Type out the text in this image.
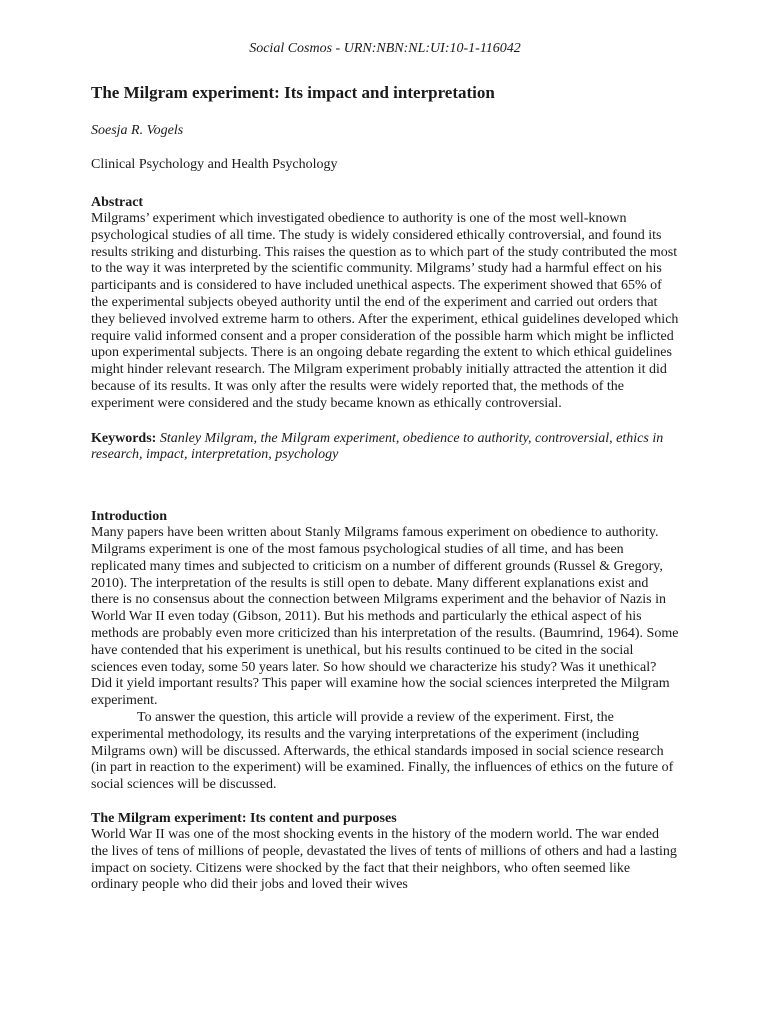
Social Cosmos - URN:NBN:NL:UI:10-1-116042
The Milgram experiment: Its impact and interpretation
Soesja R. Vogels
Clinical Psychology and Health Psychology
Abstract

Milgrams’ experiment which investigated obedience to authority is one of the most well-known psychological studies of all time. The study is widely considered ethically controversial, and found its results striking and disturbing. This raises the question as to which part of the study contributed the most to the way it was interpreted by the scientific community. Milgrams’ study had a harmful effect on his participants and is considered to have included unethical aspects. The experiment showed that 65% of the experimental subjects obeyed authority until the end of the experiment and carried out orders that they believed involved extreme harm to others. After the experiment, ethical guidelines developed which require valid informed consent and a proper consideration of the possible harm which might be inflicted upon experimental subjects. There is an ongoing debate regarding the extent to which ethical guidelines might hinder relevant research. The Milgram experiment probably initially attracted the attention it did because of its results. It was only after the results were widely reported that, the methods of the experiment were considered and the study became known as ethically controversial.

Keywords: Stanley Milgram, the Milgram experiment, obedience to authority, controversial, ethics in research, impact, interpretation, psychology

Introduction

Many papers have been written about Stanly Milgrams famous experiment on obedience to authority. Milgrams experiment is one of the most famous psychological studies of all time, and has been replicated many times and subjected to criticism on a number of different grounds (Russel & Gregory, 2010). The interpretation of the results is still open to debate. Many different explanations exist and there is no consensus about the connection between Milgrams experiment and the behavior of Nazis in World War II even today (Gibson, 2011). But his methods and particularly the ethical aspect of his methods are probably even more criticized than his interpretation of the results. (Baumrind, 1964). Some have contended that his experiment is unethical, but his results continued to be cited in the social sciences even today, some 50 years later. So how should we characterize his study? Was it unethical? Did it yield important results? This paper will examine how the social sciences interpreted the Milgram experiment.

To answer the question, this article will provide a review of the experiment. First, the experimental methodology, its results and the varying interpretations of the experiment (including Milgrams own) will be discussed. Afterwards, the ethical standards imposed in social science research (in part in reaction to the experiment) will be examined. Finally, the influences of ethics on the future of social sciences will be discussed.

The Milgram experiment: Its content and purposes

World War II was one of the most shocking events in the history of the modern world. The war ended the lives of tens of millions of people, devastated the lives of tents of millions of others and had a lasting impact on society. Citizens were shocked by the fact that their neighbors, who often seemed like ordinary people who did their jobs and loved their wives
